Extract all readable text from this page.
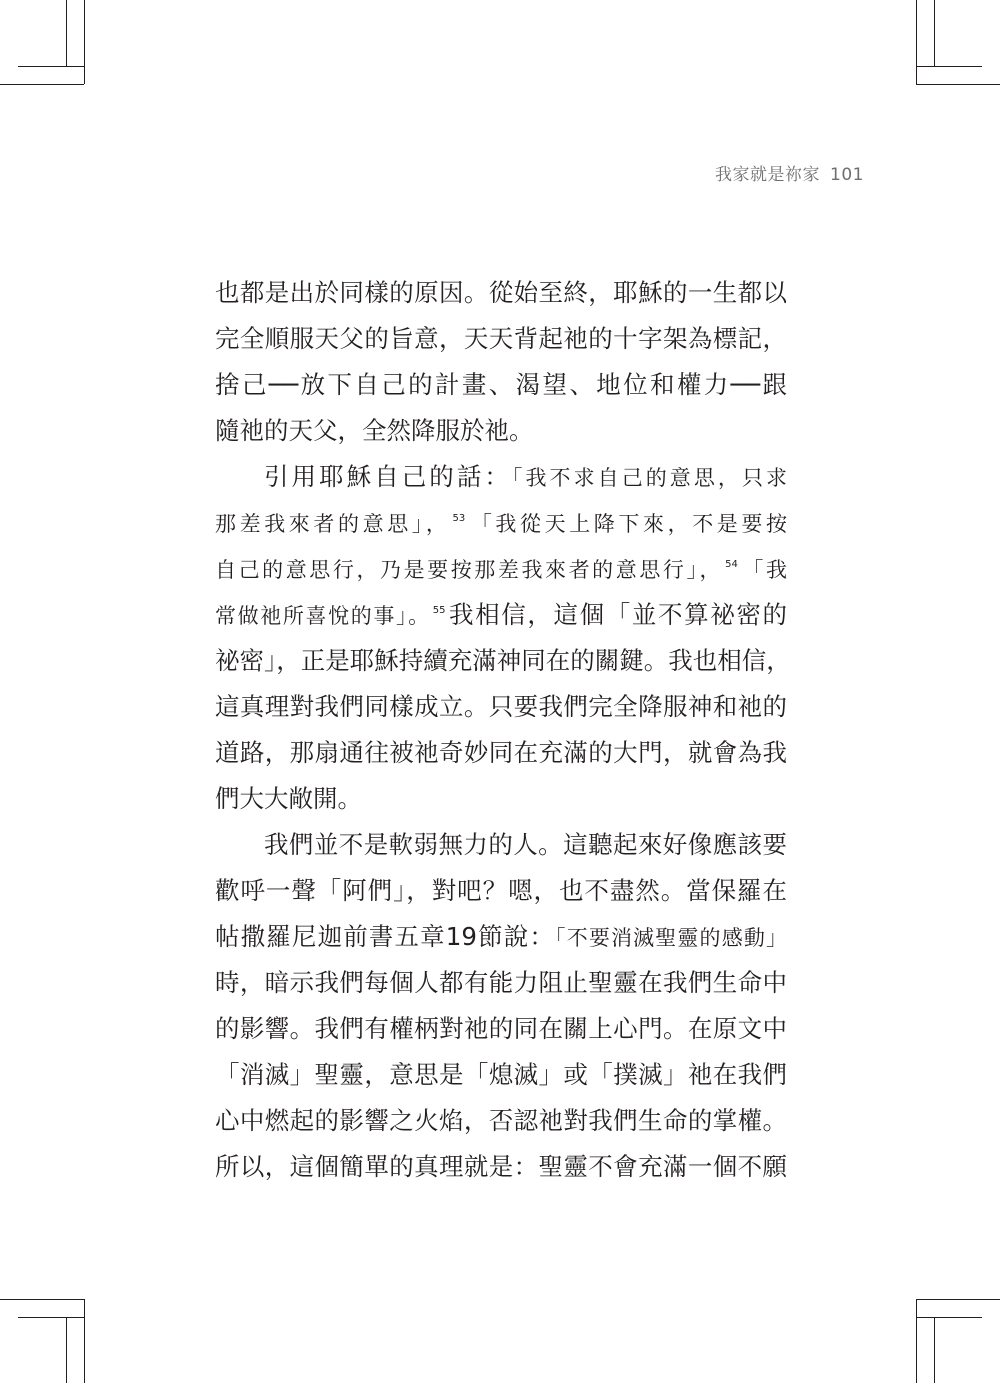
我家就是祢家 101
也都是出於同樣的原因。從始至終，耶穌的一生都以
完全順服天父的旨意，天天背起祂的十字架為標記，
捨己──放下自己的計畫、渴望、地位和權力──跟
隨祂的天父，全然降服於祂。
引用耶穌自己的話：「我不求自己的意思，只求
那差我來者的意思」， $^{53}$「我從天上降下來，不是要按
自己的意思行，乃是要按那差我來者的意思行」， $^{54}$「我
常做祂所喜悅的事」。 $^{55}$我相信，這個「並不算祕密的
祕密」，正是耶穌持續充滿神同在的關鍵。我也相信，
這真理對我們同樣成立。只要我們完全降服神和祂的
道路，那扇通往被祂奇妙同在充滿的大門，就會為我
們大大敞開。
我們並不是軟弱無力的人。這聽起來好像應該要
歡呼一聲「阿們」，對吧？嗯，也不盡然。當保羅在
帖撒羅尼迦前書五章19節說：「不要消滅聖靈的感動」
時，暗示我們每個人都有能力阻止聖靈在我們生命中
的影響。我們有權柄對祂的同在關上心門。在原文中
「消滅」聖靈，意思是「熄滅」或「撲滅」祂在我們
心中燃起的影響之火焰，否認祂對我們生命的掌權。
所以，這個簡單的真理就是：聖靈不會充滿一個不願
